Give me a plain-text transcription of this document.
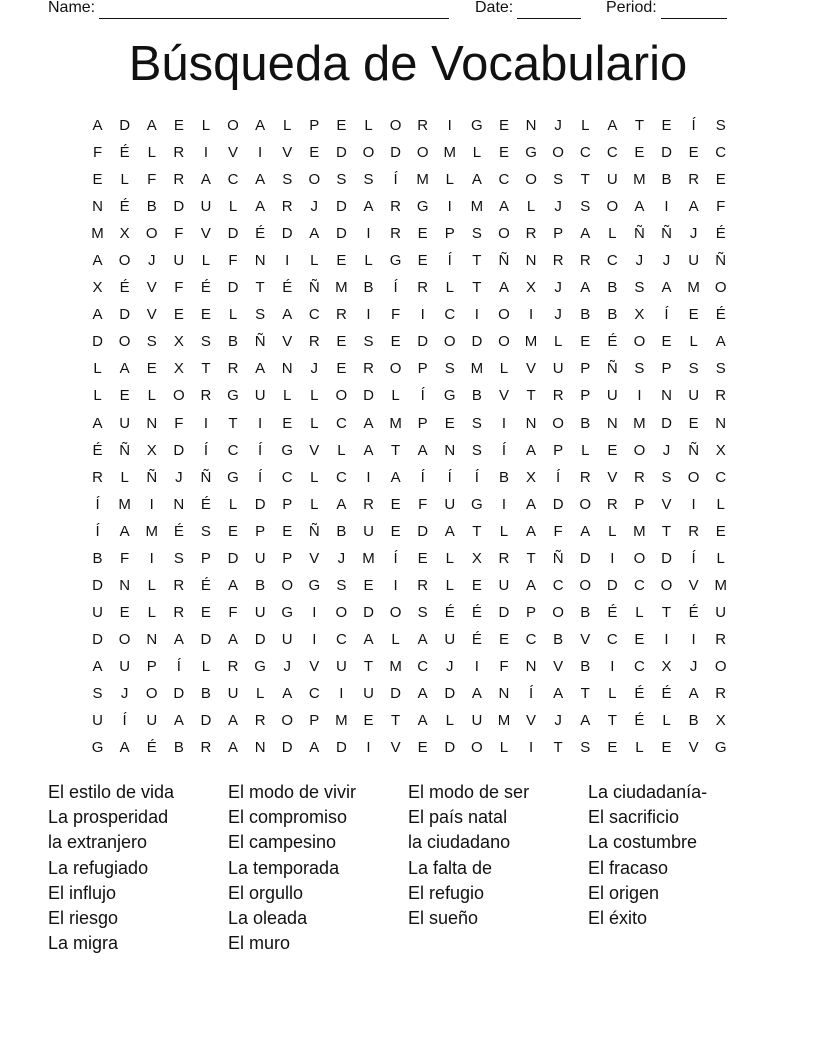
Name:	Date:	Period:
Búsqueda de Vocabulario
A	D	A	E	L	O	A	L	P	E	L	O	R	I	G	E	N	J	L	A	T	E	Í	S
F	É	L	R	I	V	I	V	E	D	O	D	O	M	L	E	G	O	C	C	E	D	E	C
E	L	F	R	A	C	A	S	O	S	S	Í	M	L	A	C	O	S	T	U	M	B	R	E
N	É	B	D	U	L	A	R	J	D	A	R	G	I	M	A	L	J	S	O	A	I	A	F
M	X	O	F	V	D	É	D	A	D	I	R	E	P	S	O	R	P	A	L	Ñ	Ñ	J	É
A	O	J	U	L	F	N	I	L	E	L	G	E	Í	T	Ñ	N	R	R	C	J	J	U	Ñ
X	É	V	F	É	D	T	É	Ñ	M	B	Í	R	L	T	A	X	J	A	B	S	A	M	O
A	D	V	E	E	L	S	A	C	R	I	F	I	C	I	O	I	J	B	B	X	Í	E	É
D	O	S	X	S	B	Ñ	V	R	E	S	E	D	O	D	O	M	L	E	É	O	E	L	A
L	A	E	X	T	R	A	N	J	E	R	O	P	S	M	L	V	U	P	Ñ	S	P	S	S
L	E	L	O	R	G	U	L	L	O	D	L	Í	G	B	V	T	R	P	U	I	N	U	R
A	U	N	F	I	T	I	E	L	C	A	M	P	E	S	I	N	O	B	N	M	D	E	N
É	Ñ	X	D	Í	C	Í	G	V	L	A	T	A	N	S	Í	A	P	L	E	O	J	Ñ	X
R	L	Ñ	J	Ñ	G	Í	C	L	C	I	A	Í	Í	Í	B	X	Í	R	V	R	S	O	C
Í	M	I	N	É	L	D	P	L	A	R	E	F	U	G	I	A	D	O	R	P	V	I	L
Í	A	M	É	S	E	P	E	Ñ	B	U	E	D	A	T	L	A	F	A	L	M	T	R	E
B	F	I	S	P	D	U	P	V	J	M	Í	E	L	X	R	T	Ñ	D	I	O	D	Í	L
D	N	L	R	É	A	B	O	G	S	E	I	R	L	E	U	A	C	O	D	C	O	V	M
U	E	L	R	E	F	U	G	I	O	D	O	S	É	É	D	P	O	B	É	L	T	É	U
D	O	N	A	D	A	D	U	I	C	A	L	A	U	É	E	C	B	V	C	E	I	I	R
A	U	P	Í	L	R	G	J	V	U	T	M	C	J	I	F	N	V	B	I	C	X	J	O
S	J	O	D	B	U	L	A	C	I	U	D	A	D	A	N	Í	A	T	L	É	É	A	R
U	Í	U	A	D	A	R	O	P	M	E	T	A	L	U	M	V	J	A	T	É	L	B	X
G	A	É	B	R	A	N	D	A	D	I	V	E	D	O	L	I	T	S	E	L	E	V	G
El estilo de vida
La prosperidad
la extranjero
La refugiado
El influjo
El riesgo
La migra
El modo de vivir
El compromiso
El campesino
La temporada
El orgullo
La oleada
El muro
El modo de ser
El país natal
la ciudadano
La falta de
El refugio
El sueño
La ciudadanía-
El sacrificio
La costumbre
El fracaso
El origen
El éxito
